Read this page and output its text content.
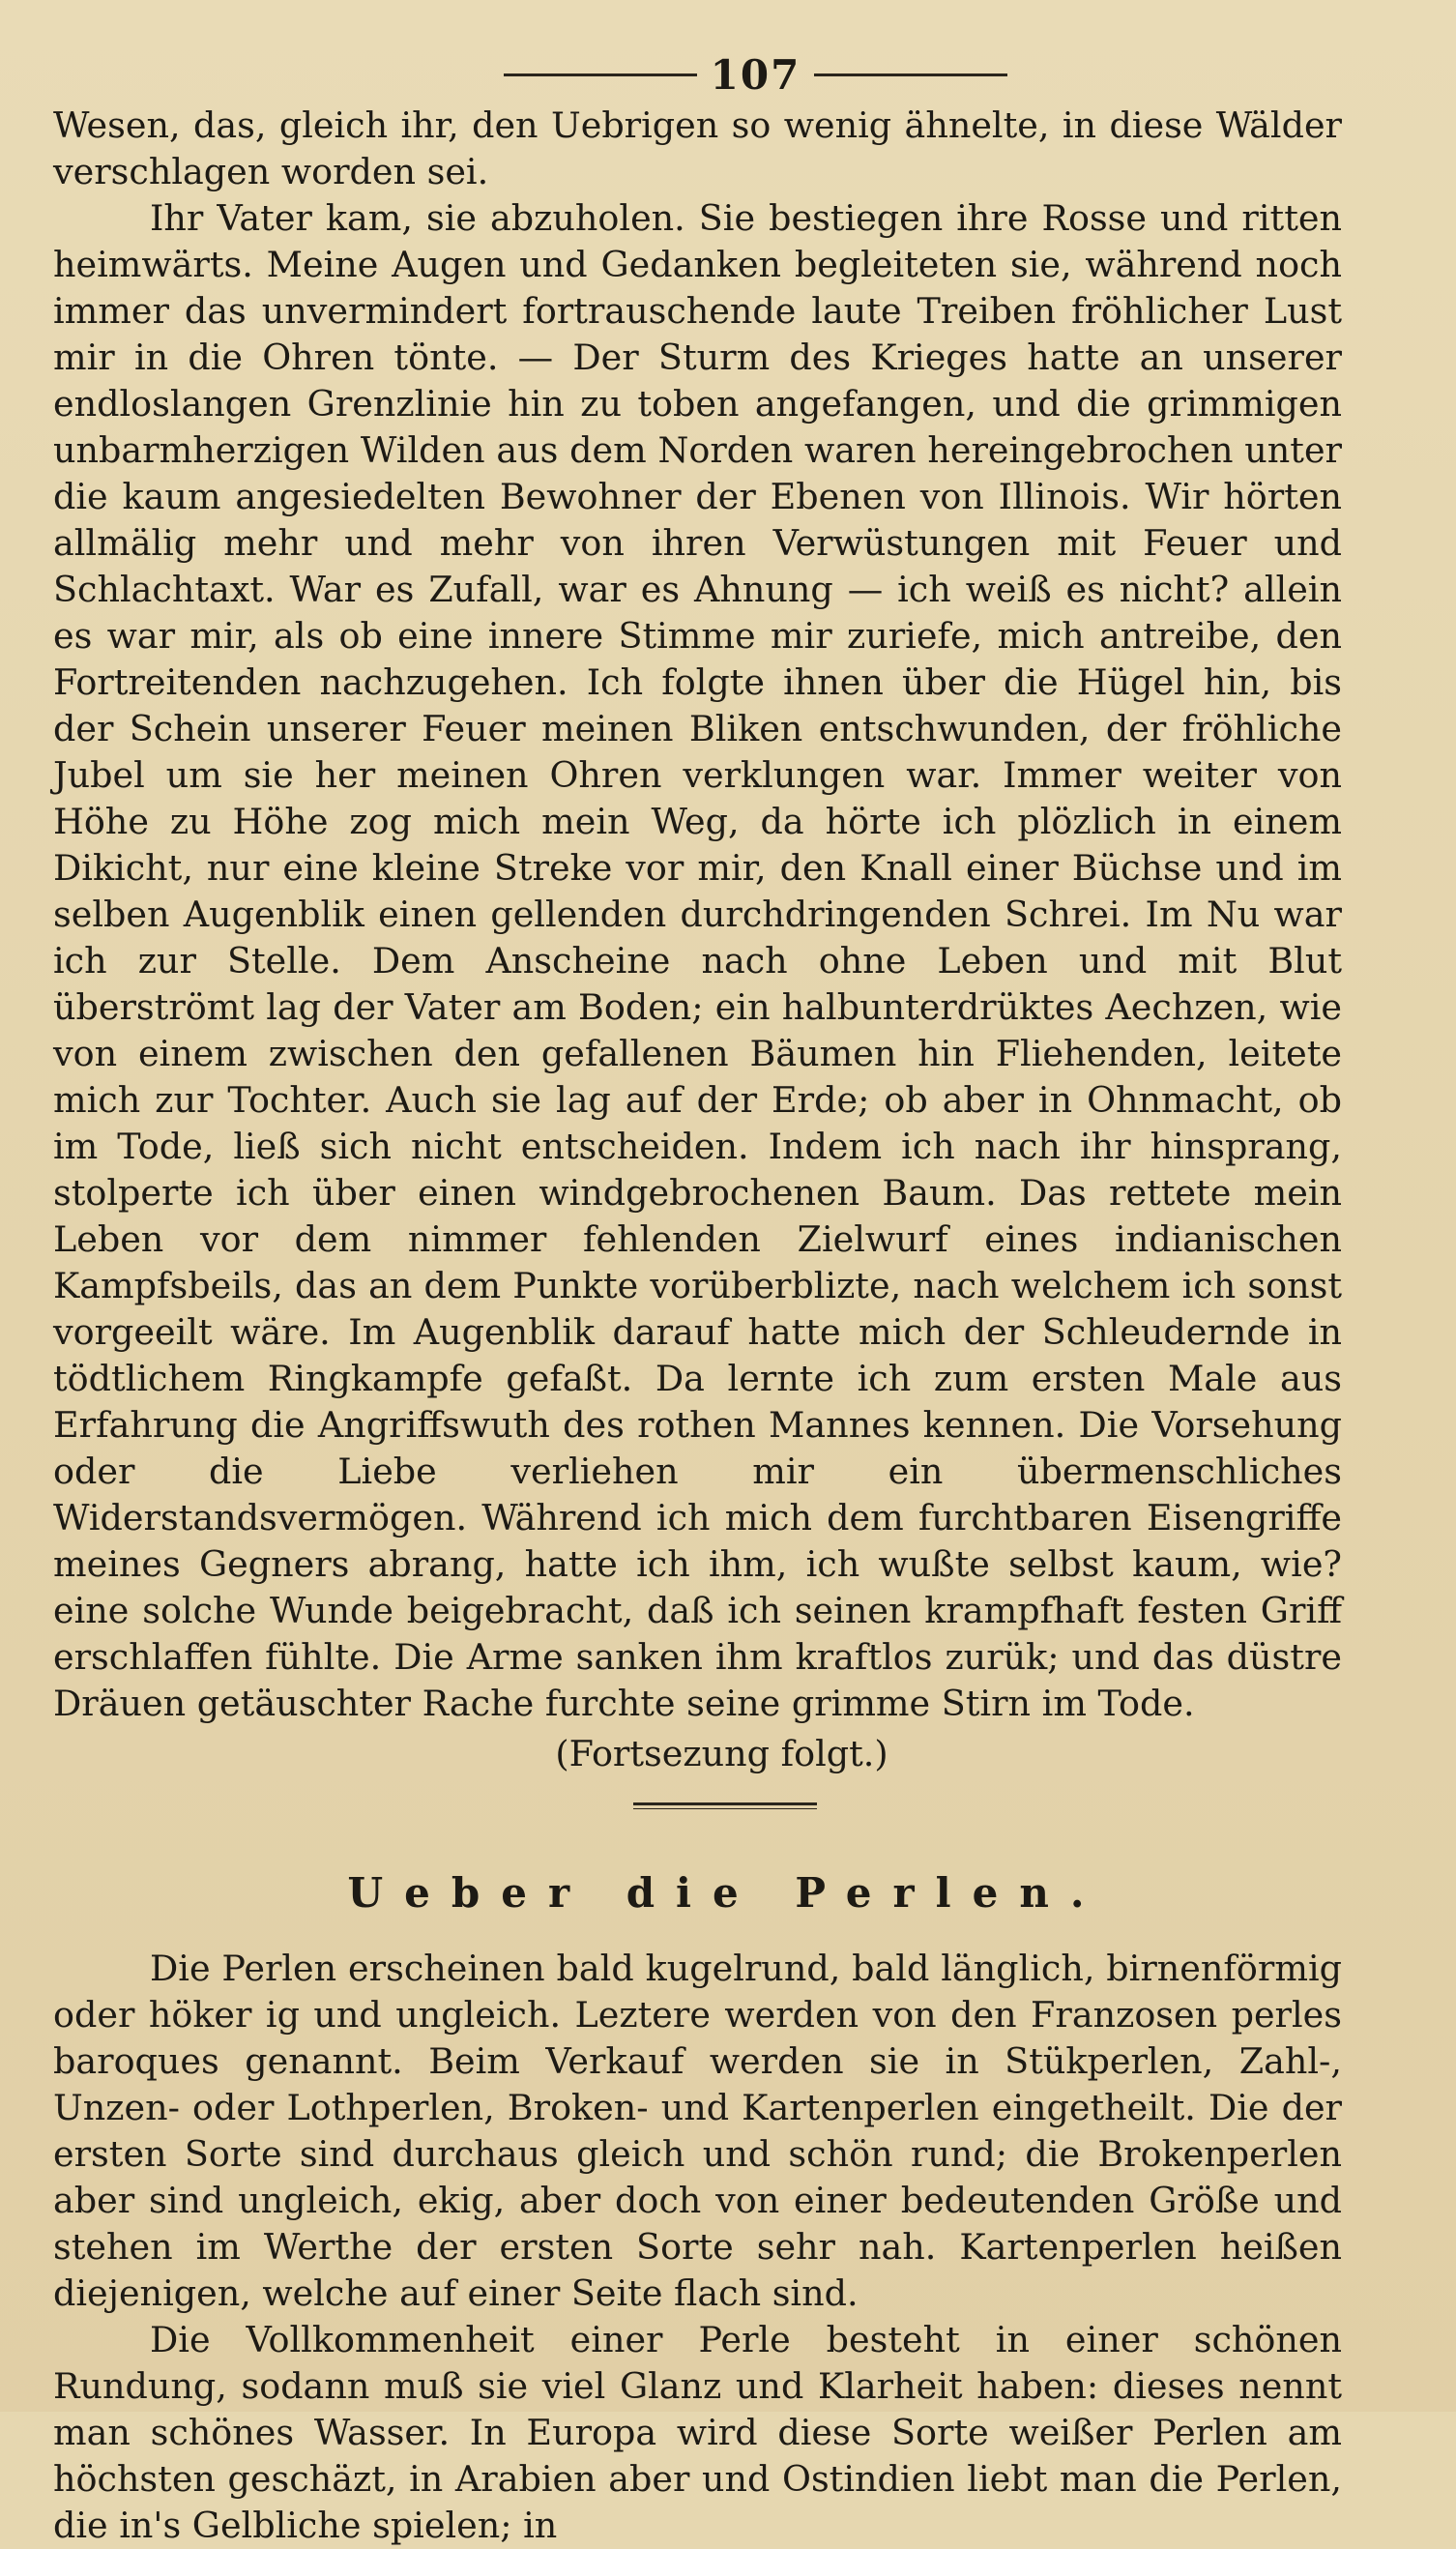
107

Wesen, das, gleich ihr, den Uebrigen so wenig ähnelte, in diese Wälder verschlagen worden sei.

Ihr Vater kam, sie abzuholen. Sie bestiegen ihre Rosse und ritten heimwärts. Meine Augen und Gedanken begleiteten sie, während noch immer das unvermindert fortrauschende laute Treiben fröhlicher Lust mir in die Ohren tönte. — Der Sturm des Krieges hatte an unserer endloslangen Grenzlinie hin zu toben angefangen, und die grimmigen unbarmherzigen Wilden aus dem Norden waren hereingebrochen unter die kaum angesiedelten Bewohner der Ebenen von Illinois. Wir hörten allmälig mehr und mehr von ihren Verwüstungen mit Feuer und Schlachtaxt. War es Zufall, war es Ahnung — ich weiß es nicht? allein es war mir, als ob eine innere Stimme mir zuriefe, mich antreibe, den Fortreitenden nachzugehen. Ich folgte ihnen über die Hügel hin, bis der Schein unserer Feuer meinen Bliken entschwunden, der fröhliche Jubel um sie her meinen Ohren verklungen war. Immer weiter von Höhe zu Höhe zog mich mein Weg, da hörte ich plözlich in einem Dikicht, nur eine kleine Streke vor mir, den Knall einer Büchse und im selben Augenblik einen gellenden durchdringenden Schrei. Im Nu war ich zur Stelle. Dem Anscheine nach ohne Leben und mit Blut überströmt lag der Vater am Boden; ein halbunterdrüktes Aechzen, wie von einem zwischen den gefallenen Bäumen hin Fliehenden, leitete mich zur Tochter. Auch sie lag auf der Erde; ob aber in Ohnmacht, ob im Tode, ließ sich nicht entscheiden. Indem ich nach ihr hinsprang, stolperte ich über einen windgebrochenen Baum. Das rettete mein Leben vor dem nimmer fehlenden Zielwurf eines indianischen Kampfsbeils, das an dem Punkte vorüberblizte, nach welchem ich sonst vorgeeilt wäre. Im Augenblik darauf hatte mich der Schleudernde in tödtlichem Ringkampfe gefaßt. Da lernte ich zum ersten Male aus Erfahrung die Angriffswuth des rothen Mannes kennen. Die Vorsehung oder die Liebe verliehen mir ein übermenschliches Widerstandsvermögen. Während ich mich dem furchtbaren Eisengriffe meines Gegners abrang, hatte ich ihm, ich wußte selbst kaum, wie? eine solche Wunde beigebracht, daß ich seinen krampfhaft festen Griff erschlaffen fühlte. Die Arme sanken ihm kraftlos zurük; und das düstre Dräuen getäuschter Rache furchte seine grimme Stirn im Tode.

(Fortsezung folgt.)
Ueber die Perlen.

Die Perlen erscheinen bald kugelrund, bald länglich, birnenförmig oder höker ig und ungleich. Leztere werden von den Franzosen perles baroques genannt. Beim Verkauf werden sie in Stükperlen, Zahl-, Unzen- oder Lothperlen, Broken- und Kartenperlen eingetheilt. Die der ersten Sorte sind durchaus gleich und schön rund; die Brokenperlen aber sind ungleich, ekig, aber doch von einer bedeutenden Größe und stehen im Werthe der ersten Sorte sehr nah. Kartenperlen heißen diejenigen, welche auf einer Seite flach sind.

Die Vollkommenheit einer Perle besteht in einer schönen Rundung, sodann muß sie viel Glanz und Klarheit haben: dieses nennt man schönes Wasser. In Europa wird diese Sorte weißer Perlen am höchsten geschäzt, in Arabien aber und Ostindien liebt man die Perlen, die in's Gelbliche spielen; in
